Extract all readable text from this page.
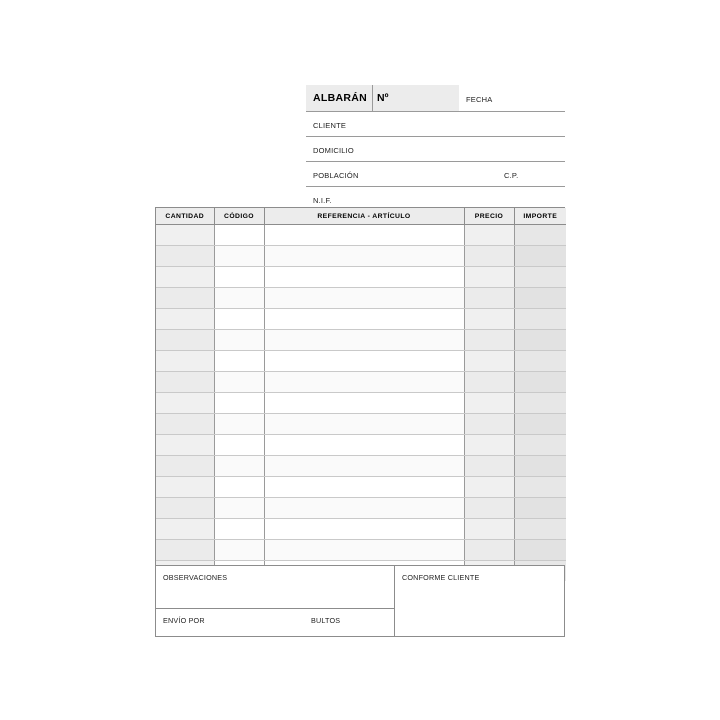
ALBARÁN Nº	FECHA
CLIENTE
DOMICILIO
POBLACIÓN	C.P.
N.I.F.
CANTIDAD	CÓDIGO	REFERENCIA - ARTÍCULO	PRECIO	IMPORTE

OBSERVACIONES
ENVÍO POR	BULTOS
CONFORME CLIENTE
